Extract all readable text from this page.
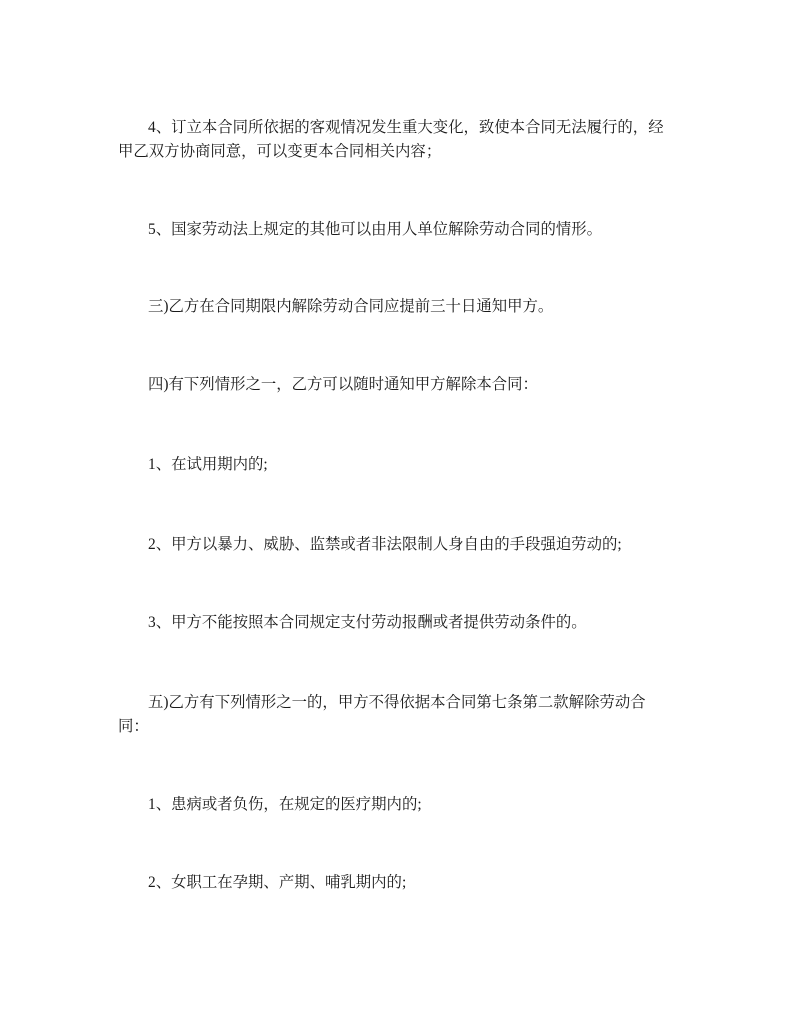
4、订立本合同所依据的客观情况发生重大变化，致使本合同无法履行的，经
甲乙双方协商同意，可以变更本合同相关内容；
5、国家劳动法上规定的其他可以由用人单位解除劳动合同的情形。
三)乙方在合同期限内解除劳动合同应提前三十日通知甲方。
四)有下列情形之一，乙方可以随时通知甲方解除本合同：
1、在试用期内的;
2、甲方以暴力、威胁、监禁或者非法限制人身自由的手段强迫劳动的;
3、甲方不能按照本合同规定支付劳动报酬或者提供劳动条件的。
五)乙方有下列情形之一的，甲方不得依据本合同第七条第二款解除劳动合
同：
1、患病或者负伤，在规定的医疗期内的;
2、女职工在孕期、产期、哺乳期内的;
